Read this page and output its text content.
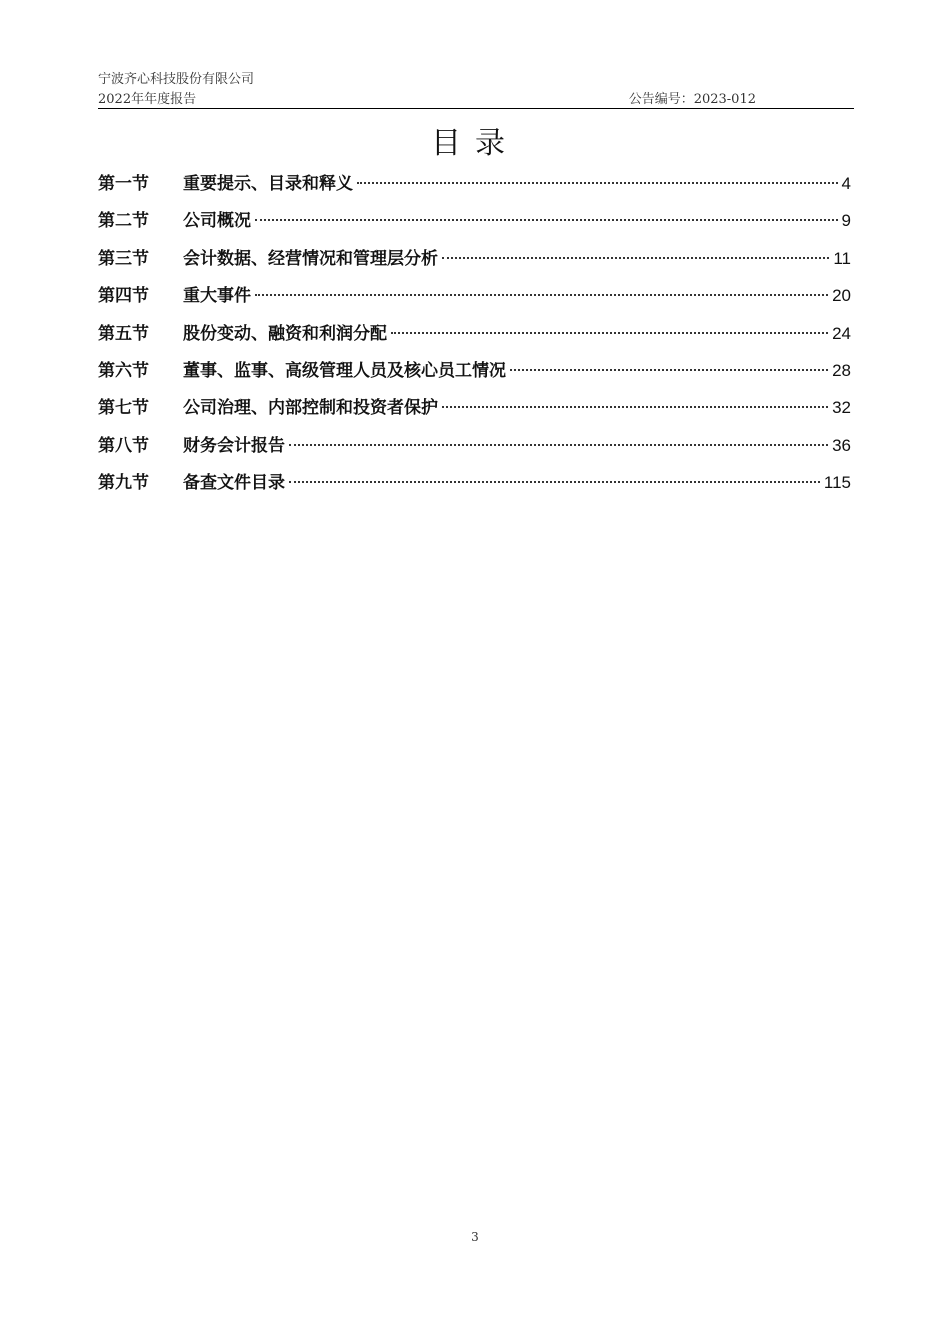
宁波齐心科技股份有限公司
2022年年度报告	公告编号：2023-012
目录
第一节	重要提示、目录和释义	4
第二节	公司概况	9
第三节	会计数据、经营情况和管理层分析	11
第四节	重大事件	20
第五节	股份变动、融资和利润分配	24
第六节	董事、监事、高级管理人员及核心员工情况	28
第七节	公司治理、内部控制和投资者保护	32
第八节	财务会计报告	36
第九节	备查文件目录	115
3
